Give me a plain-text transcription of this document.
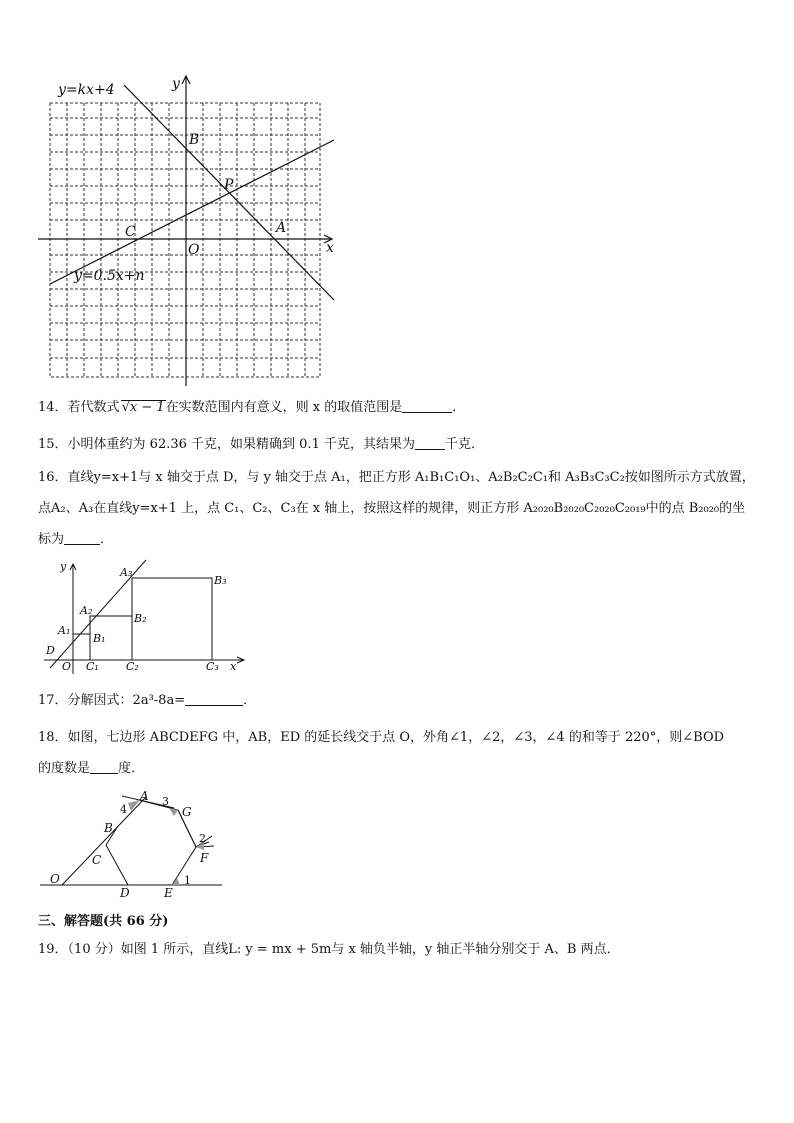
y=kx+4
y=0.5x+n
y
x
B
P
A
C
O
14．若代数式 √x − 1在实数范围内有意义，则 x 的取值范围是	．
15．小明体重约为 62.36 千克，如果精确到 0.1 千克，其结果为 千克．
16．直线y=x+1与 x 轴交于点 D，与 y 轴交于点 A₁，把正方形 A₁B₁C₁O₁、A₂B₂C₂C₁和 A₃B₃C₃C₂按如图所示方式放置，
点A₂、A₃在直线y=x+1 上，点 C₁、C₂、C₃在 x 轴上，按照这样的规律，则正方形 A₂₀₂₀B₂₀₂₀C₂₀₂₀C₂₀₁₉中的点 B₂₀₂₀的坐
标为	．
y
x
D
O
A₁
A₂
A₃
B₁
B₂
B₃
C₁ C₂	C₃
17．分解因式：2a³-8a=	．
18．如图，七边形 ABCDEFG 中，AB，ED 的延长线交于点 O，外角∠1，∠2，∠3，∠4 的和等于 220°，则∠BOD
的度数是 度．
A
G
B
C
D	E
F
O
4
3
2
1
三、解答题(共 66 分)
19．（10 分）如图 1 所示，直线L: y = mx + 5m与 x 轴负半轴，y 轴正半轴分别交于 A、B 两点．
